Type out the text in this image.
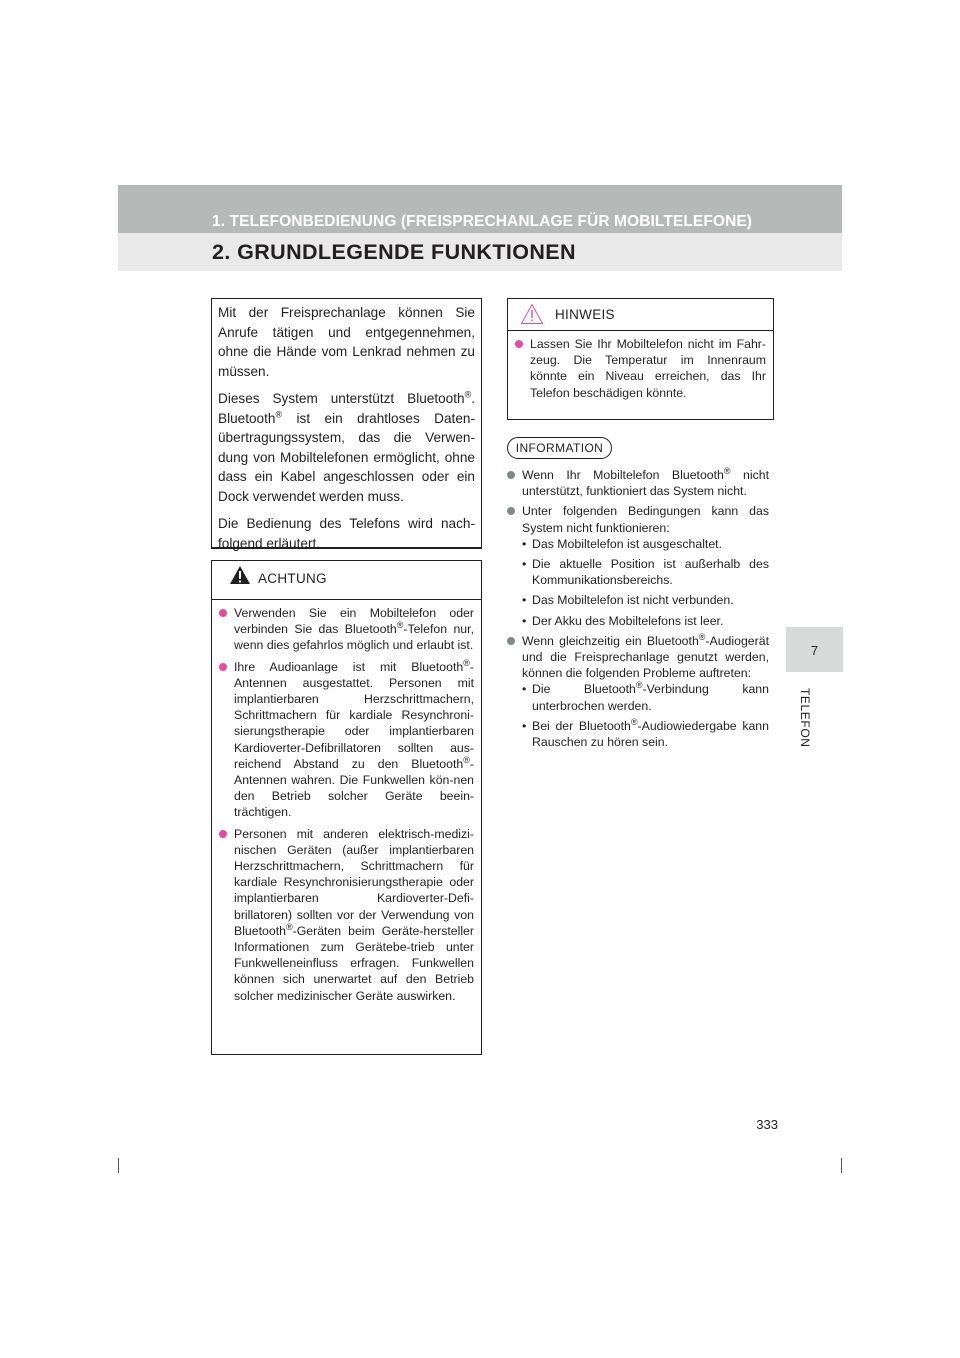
1. TELEFONBEDIENUNG (FREISPRECHANLAGE FÜR MOBILTELEFONE)
2. GRUNDLEGENDE FUNKTIONEN
7
TELEFON

Mit der Freisprechanlage können Sie Anrufe tätigen und entgegennehmen, ohne die Hände vom Lenkrad nehmen zu müssen.

Dieses System unterstützt Bluetooth®. Bluetooth® ist ein drahtloses Daten-übertragungssystem, das die Verwen-dung von Mobiltelefonen ermöglicht, ohne dass ein Kabel angeschlossen oder ein Dock verwendet werden muss.

Die Bedienung des Telefons wird nach-folgend erläutert.

ACHTUNG
Verwenden Sie ein Mobiltelefon oder verbinden Sie das Bluetooth®-Telefon nur, wenn dies gefahrlos möglich und erlaubt ist.
Ihre Audioanlage ist mit Bluetooth®-Antennen ausgestattet. Personen mit implantierbaren Herzschrittmachern, Schrittmachern für kardiale Resynchroni-sierungstherapie oder implantierbaren Kardioverter-Defibrillatoren sollten aus-reichend Abstand zu den Bluetooth®-Antennen wahren. Die Funkwellen kön-nen den Betrieb solcher Geräte beein-trächtigen.
Personen mit anderen elektrisch-medizi-nischen Geräten (außer implantierbaren Herzschrittmachern, Schrittmachern für kardiale Resynchronisierungstherapie oder implantierbaren Kardioverter-Defi-brillatoren) sollten vor der Verwendung von Bluetooth®-Geräten beim Geräte-hersteller Informationen zum Gerätebe-trieb unter Funkwelleneinfluss erfragen. Funkwellen können sich unerwartet auf den Betrieb solcher medizinischer Geräte auswirken.
HINWEIS
Lassen Sie Ihr Mobiltelefon nicht im Fahr-zeug. Die Temperatur im Innenraum könnte ein Niveau erreichen, das Ihr Telefon beschädigen könnte.
INFORMATION
Wenn Ihr Mobiltelefon Bluetooth® nicht unterstützt, funktioniert das System nicht.
Unter folgenden Bedingungen kann das System nicht funktionieren:
• Das Mobiltelefon ist ausgeschaltet.
• Die aktuelle Position ist außerhalb des Kommunikationsbereichs.
• Das Mobiltelefon ist nicht verbunden.
• Der Akku des Mobiltelefons ist leer.
Wenn gleichzeitig ein Bluetooth®-Audiogerät und die Freisprechanlage genutzt werden, können die folgenden Probleme auftreten:
• Die Bluetooth®-Verbindung kann unterbrochen werden.
• Bei der Bluetooth®-Audiowiedergabe kann Rauschen zu hören sein.
333
